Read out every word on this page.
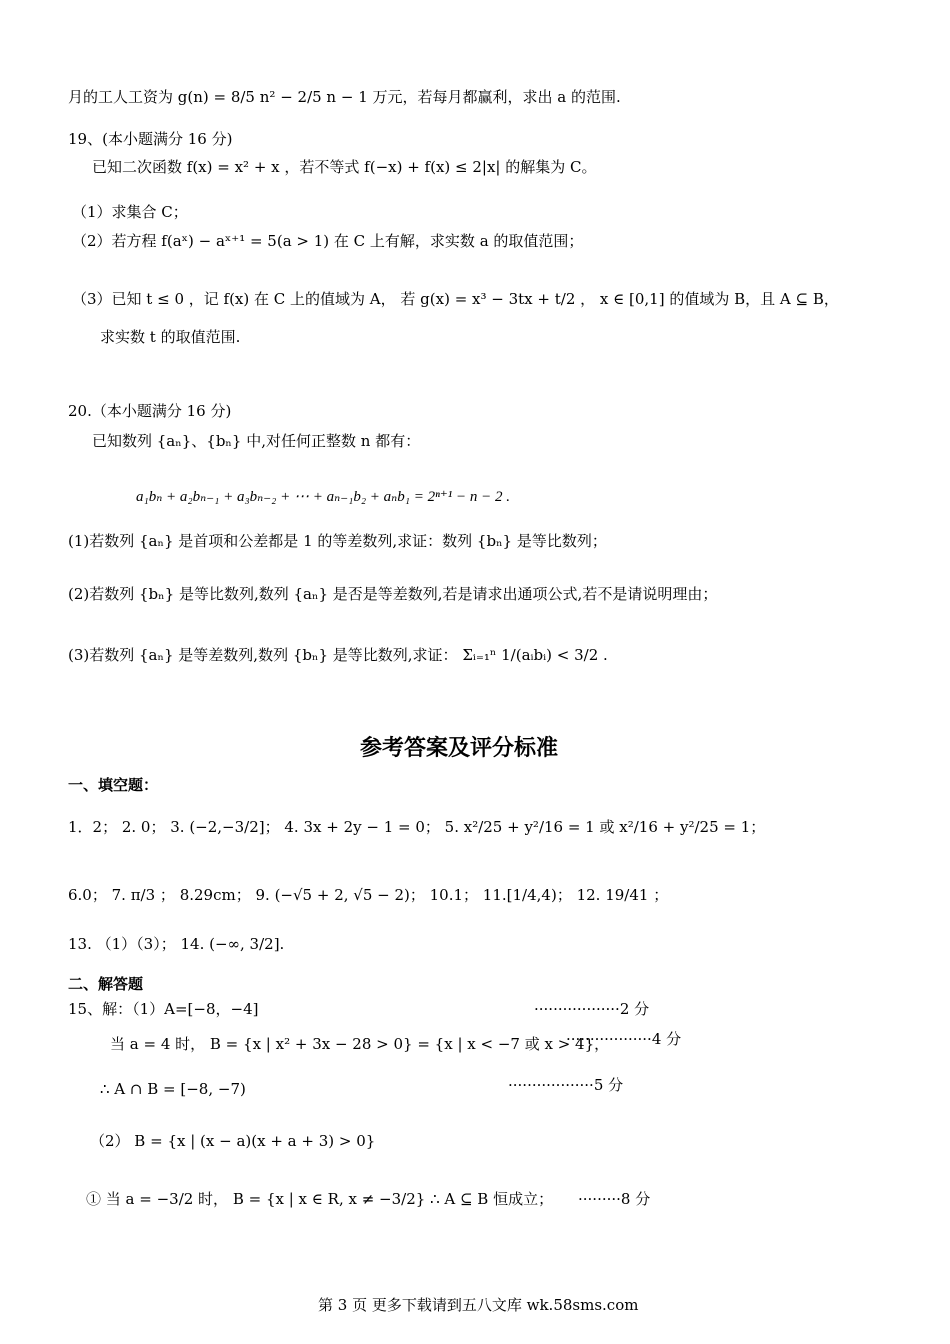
月的工人工资为 g(n) = 8/5 n² − 2/5 n − 1 万元，若每月都赢利，求出 a 的范围.
19、(本小题满分 16 分)
已知二次函数 f(x) = x² + x ，若不等式 f(−x) + f(x) ≤ 2|x| 的解集为 C。
（1）求集合 C；
（2）若方程 f(aˣ) − aˣ⁺¹ = 5(a > 1) 在 C 上有解，求实数 a 的取值范围；
（3）已知 t ≤ 0 ，记 f(x) 在 C 上的值域为 A， 若 g(x) = x³ − 3tx + t/2 ， x ∈ [0,1] 的值域为 B，且 A ⊆ B，
求实数 t 的取值范围.
20.（本小题满分 16 分)
已知数列 {aₙ}、{bₙ} 中,对任何正整数 n 都有：
a₁bₙ + a₂bₙ₋₁ + a₃bₙ₋₂ + ⋯ + aₙ₋₁b₂ + aₙb₁ = 2ⁿ⁺¹ − n − 2 .
(1)若数列 {aₙ} 是首项和公差都是 1 的等差数列,求证：数列 {bₙ} 是等比数列；
(2)若数列 {bₙ} 是等比数列,数列 {aₙ} 是否是等差数列,若是请求出通项公式,若不是请说明理由；
(3)若数列 {aₙ} 是等差数列,数列 {bₙ} 是等比数列,求证： Σᵢ₌₁ⁿ 1/(aᵢbᵢ) < 3/2 .
参考答案及评分标准
一、填空题：
1．2； 2. 0； 3. (−2,−3/2]； 4. 3x + 2y − 1 = 0； 5. x²/25 + y²/16 = 1 或 x²/16 + y²/25 = 1；
6.0； 7. π/3 ； 8.29cm； 9. (−√5 + 2, √5 − 2)； 10.1； 11.[1/4,4)； 12. 19/41 ；
13. （1）（3）； 14. (−∞, 3/2].
二、解答题
15、解：（1）A=[−8，−4]	··················2 分
当 a = 4 时， B = {x | x² + 3x − 28 > 0} = {x | x < −7 或 x > 4}，
··················4 分
∴ A ∩ B = [−8, −7)	··················5 分
（2） B = {x | (x − a)(x + a + 3) > 0}
① 当 a = −3/2 时， B = {x | x ∈ R, x ≠ −3/2} ∴ A ⊆ B 恒成立； ·········8 分
第 3 页 更多下载请到五八文库 wk.58sms.com
